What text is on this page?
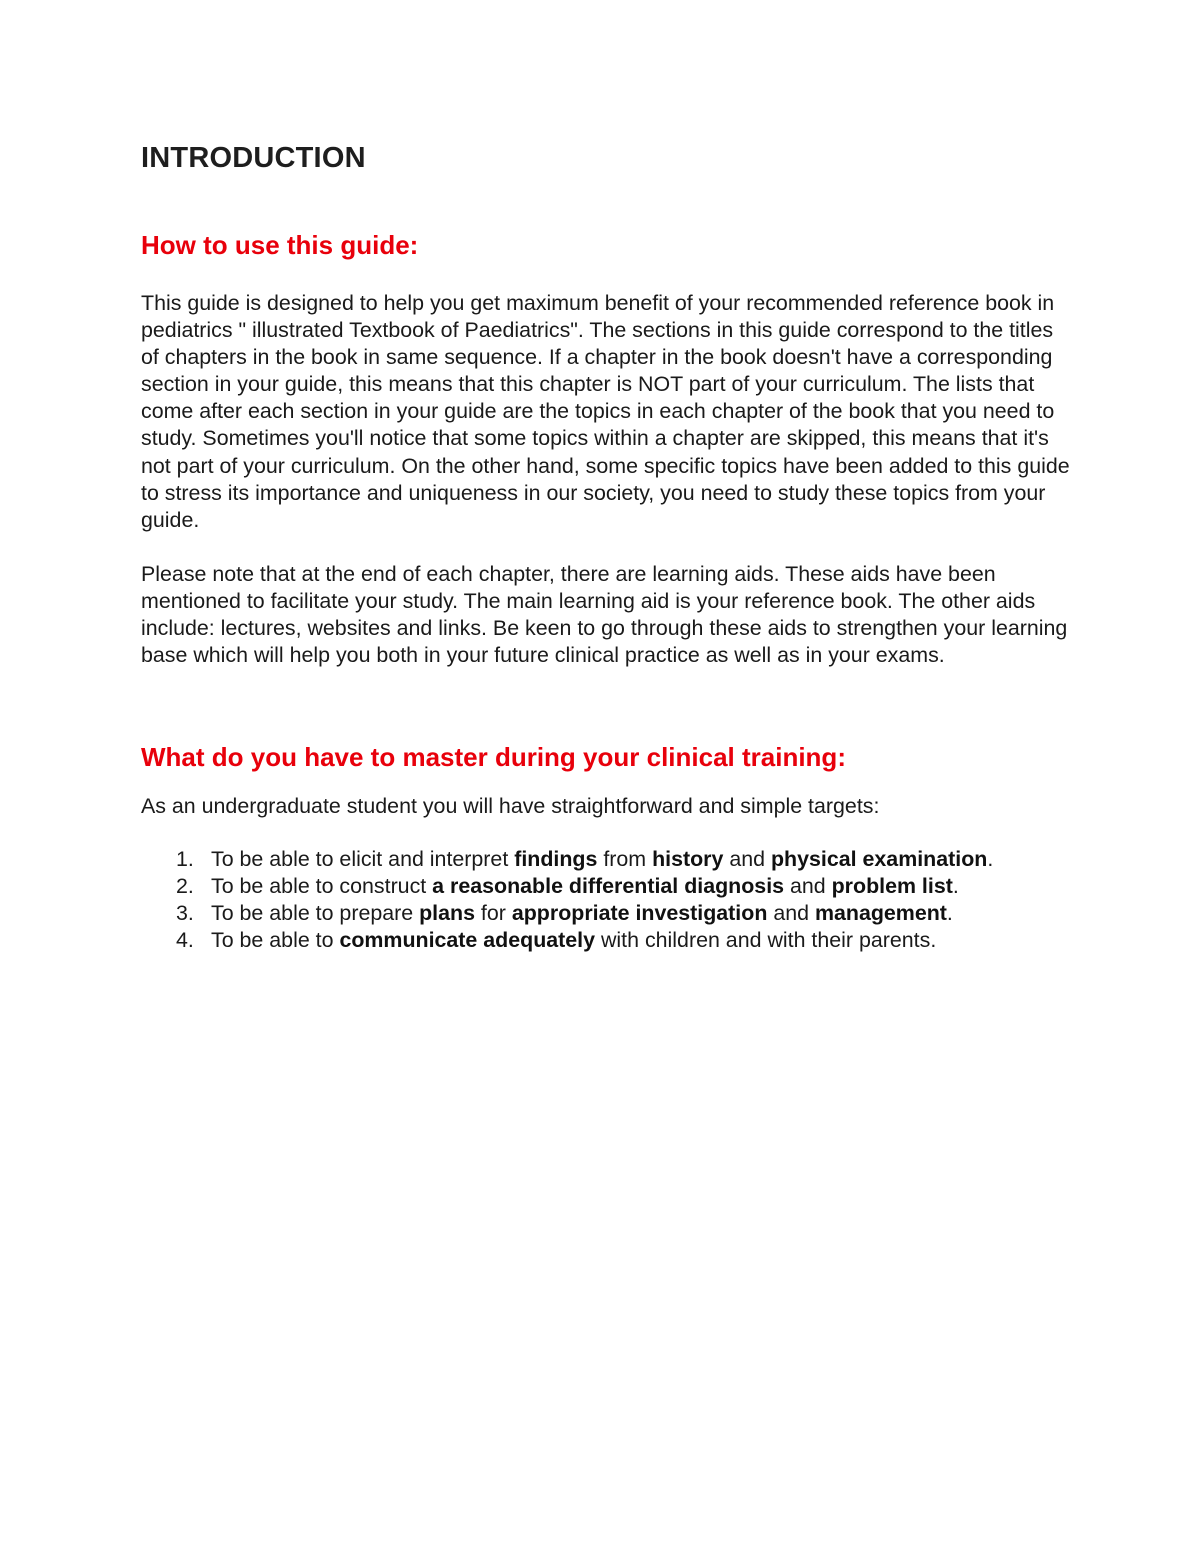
INTRODUCTION
How to use this guide:

This guide is designed to help you get maximum benefit of your recommended reference book in pediatrics " illustrated Textbook of Paediatrics". The sections in this guide correspond to the titles of chapters in the book in same sequence. If a chapter in the book doesn't have a corresponding section in your guide, this means that this chapter is NOT part of your curriculum. The lists that come after each section in your guide are the topics in each chapter of the book that you need to study. Sometimes you'll notice that some topics within a chapter are skipped, this means that it's not part of your curriculum. On the other hand, some specific topics have been added to this guide to stress its importance and uniqueness in our society, you need to study these topics from your guide.

Please note that at the end of each chapter, there are learning aids. These aids have been mentioned to facilitate your study. The main learning aid is your reference book. The other aids include: lectures, websites and links. Be keen to go through these aids to strengthen your learning base which will help you both in your future clinical practice as well as in your exams.

What do you have to master during your clinical training:

As an undergraduate student you will have straightforward and simple targets:

1. To be able to elicit and interpret findings from history and physical examination.
2. To be able to construct a reasonable differential diagnosis and problem list.
3. To be able to prepare plans for appropriate investigation and management.
4. To be able to communicate adequately with children and with their parents.
